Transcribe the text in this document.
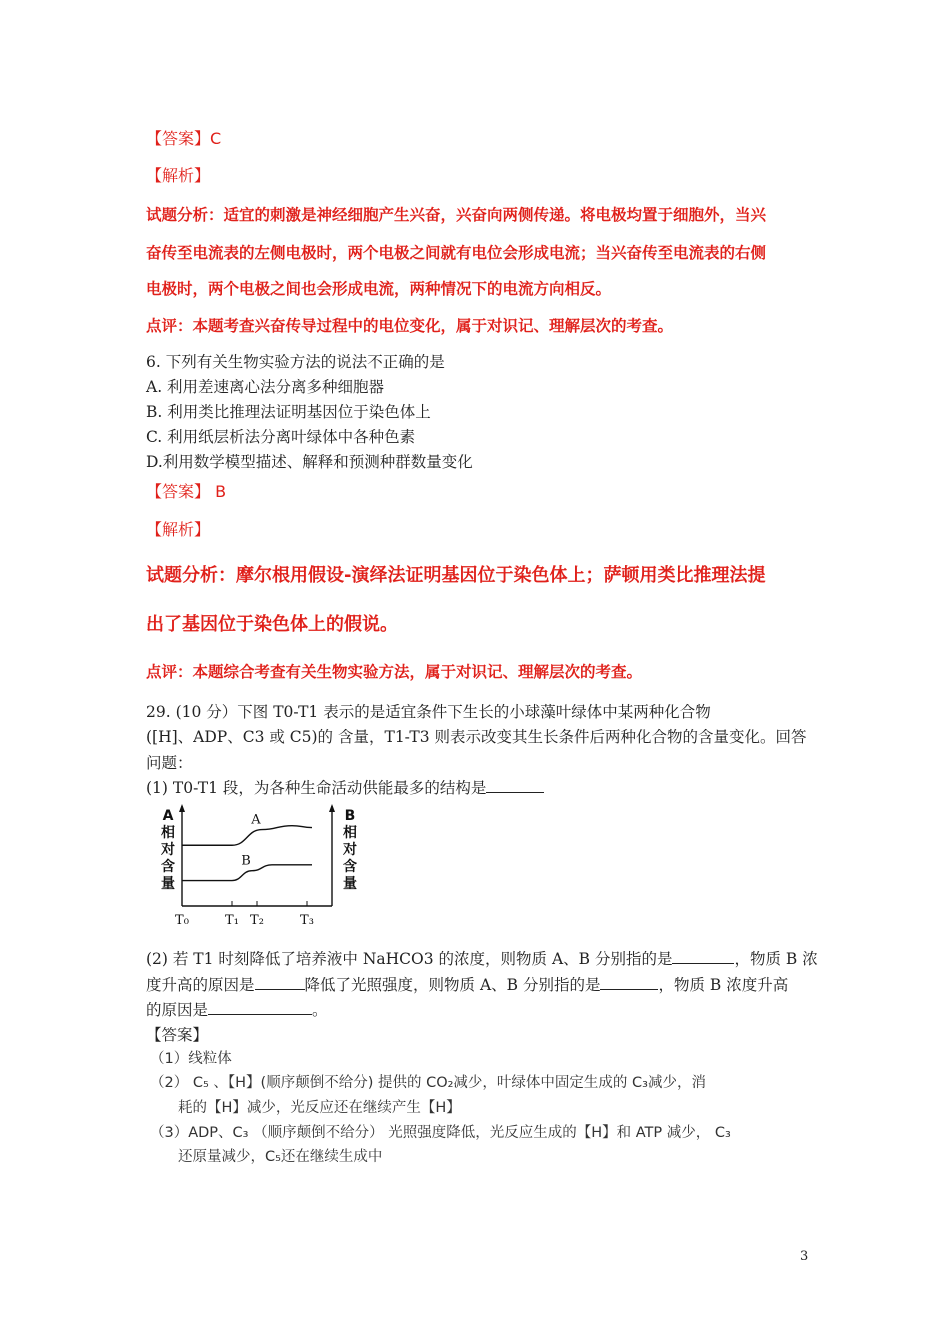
【答案】C
【解析】
试题分析：适宜的刺激是神经细胞产生兴奋，兴奋向两侧传递。将电极均置于细胞外，当兴
奋传至电流表的左侧电极时，两个电极之间就有电位会形成电流；当兴奋传至电流表的右侧
电极时，两个电极之间也会形成电流，两种情况下的电流方向相反。
点评：本题考查兴奋传导过程中的电位变化，属于对识记、理解层次的考查。
6. 下列有关生物实验方法的说法不正确的是
A. 利用差速离心法分离多种细胞器
B. 利用类比推理法证明基因位于染色体上
C. 利用纸层析法分离叶绿体中各种色素
D.利用数学模型描述、解释和预测种群数量变化
【答案】 B
【解析】
试题分析：摩尔根用假设-演绎法证明基因位于染色体上；萨顿用类比推理法提
出了基因位于染色体上的假说。
点评：本题综合考查有关生物实验方法，属于对识记、理解层次的考查。
29. (10 分）下图 T0-T1 表示的是适宜条件下生长的小球藻叶绿体中某两种化合物
([H]、ADP、C3 或 C5)的 含量，T1-T3 则表示改变其生长条件后两种化合物的含量变化。回答
问题：
(1) T0-T1 段，为各种生命活动供能最多的结构是
A
相
对
含
量
B
相
对
含
量
T₀	T₁ T₂	T₃
A
B
(2) 若 T1 时刻降低了培养液中 NaHCO3 的浓度，则物质 A、B 分别指的是	，物质 B 浓
度升高的原因是	降低了光照强度，则物质 A、B 分别指的是	，物质 B 浓度升高
的原因是	。
【答案】
（1）线粒体
（2） C₅ 、【H】(顺序颠倒不给分) 提供的 CO₂减少，叶绿体中固定生成的 C₃减少，消
耗的【H】减少，光反应还在继续产生【H】
（3）ADP、C₃ （顺序颠倒不给分） 光照强度降低，光反应生成的【H】和 ATP 减少， C₃
还原量减少，C₅还在继续生成中
3
